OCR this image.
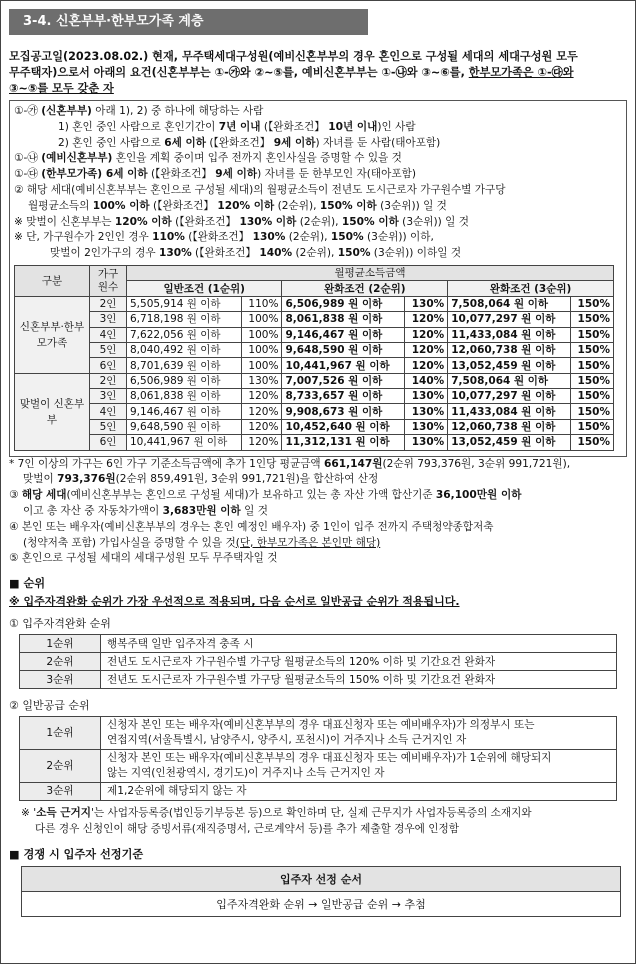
3-4. 신혼부부·한부모가족 계층
모집공고일(2023.08.02.) 현재, 무주택세대구성원(예비신혼부부의 경우 혼인으로 구성될 세대의 세대구성원 모두
무주택자)으로서 아래의 요건(신혼부부는 ①-㉮와 ②~⑤를, 예비신혼부부는 ①-㉯와 ③~⑥를, 한부모가족은 ①-㉰와
③~⑤를 모두 갖춘 자
①-㉮ (신혼부부) 아래 1), 2) 중 하나에 해당하는 사람
1) 혼인 중인 사람으로 혼인기간이 7년 이내 (【완화조건】 10년 이내)인 사람
2) 혼인 중인 사람으로 6세 이하 (【완화조건】 9세 이하) 자녀를 둔 사람(태아포함)
①-㉯ (예비신혼부부) 혼인을 계획 중이며 입주 전까지 혼인사실을 증명할 수 있을 것
①-㉰ (한부모가족) 6세 이하 (【완화조건】 9세 이하) 자녀를 둔 한부모인 자(태아포함)
② 해당 세대(예비신혼부부는 혼인으로 구성될 세대)의 월평균소득이 전년도 도시근로자 가구원수별 가구당
월평균소득의 100% 이하 (【완화조건】 120% 이하 (2순위), 150% 이하 (3순위)) 일 것
※ 맞벌이 신혼부부는 120% 이하 (【완화조건】 130% 이하 (2순위), 150% 이하 (3순위)) 일 것
※ 단, 가구원수가 2인인 경우 110% (【완화조건】 130% (2순위), 150% (3순위)) 이하,
맞벌이 2인가구의 경우 130% (【완화조건】 140% (2순위), 150% (3순위)) 이하일 것
구분	가구원수	월평균소득금액					
		일반조건 (1순위)		완화조건 (2순위)		완화조건 (3순위)	
신혼부부·한부모가족	2인	5,505,914 원 이하	110%	6,506,989 원 이하	130%	7,508,064 원 이하	150%
	3인	6,718,198 원 이하	100%	8,061,838 원 이하	120%	10,077,297 원 이하	150%
	4인	7,622,056 원 이하	100%	9,146,467 원 이하	120%	11,433,084 원 이하	150%
	5인	8,040,492 원 이하	100%	9,648,590 원 이하	120%	12,060,738 원 이하	150%
	6인	8,701,639 원 이하	100%	10,441,967 원 이하	120%	13,052,459 원 이하	150%
맞벌이 신혼부부	2인	6,506,989 원 이하	130%	7,007,526 원 이하	140%	7,508,064 원 이하	150%
	3인	8,061,838 원 이하	120%	8,733,657 원 이하	130%	10,077,297 원 이하	150%
	4인	9,146,467 원 이하	120%	9,908,673 원 이하	130%	11,433,084 원 이하	150%
	5인	9,648,590 원 이하	120%	10,452,640 원 이하	130%	12,060,738 원 이하	150%
	6인	10,441,967 원 이하	120%	11,312,131 원 이하	130%	13,052,459 원 이하	150%
* 7인 이상의 가구는 6인 가구 기준소득금액에 추가 1인당 평균금액 661,147원(2순위 793,376원, 3순위 991,721원),
맞벌이 793,376원(2순위 859,491원, 3순위 991,721원)을 합산하여 산정
③ 해당 세대(예비신혼부부는 혼인으로 구성될 세대)가 보유하고 있는 총 자산 가액 합산기준 36,100만원 이하
이고 총 자산 중 자동차가액이 3,683만원 이하 일 것
④ 본인 또는 배우자(예비신혼부부의 경우는 혼인 예정인 배우자) 중 1인이 입주 전까지 주택청약종합저축
(청약저축 포함) 가입사실을 증명할 수 있을 것(단, 한부모가족은 본인만 해당)
⑤ 혼인으로 구성될 세대의 세대구성원 모두 무주택자일 것
■ 순위
※ 입주자격완화 순위가 가장 우선적으로 적용되며, 다음 순서로 일반공급 순위가 적용됩니다.
① 입주자격완화 순위
1순위	행복주택 일반 입주자격 충족 시
2순위	전년도 도시근로자 가구원수별 가구당 월평균소득의 120% 이하 및 기간요건 완화자
3순위	전년도 도시근로자 가구원수별 가구당 월평균소득의 150% 이하 및 기간요건 완화자
② 일반공급 순위
1순위	신청자 본인 또는 배우자(예비신혼부부의 경우 대표신청자 또는 예비배우자)가 의정부시 또는
연접지역(서울특별시, 남양주시, 양주시, 포천시)이 거주지나 소득 근거지인 자

2순위	신청자 본인 또는 배우자(예비신혼부부의 경우 대표신청자 또는 예비배우자)가 1순위에 해당되지
않는 지역(인천광역시, 경기도)이 거주지나 소득 근거지인 자

3순위	제1,2순위에 해당되지 않는 자
※ '소득 근거지'는 사업자등록증(법인등기부등본 등)으로 확인하며 단, 실제 근무지가 사업자등록증의 소재지와
다른 경우 신청인이 해당 증빙서류(재직증명서, 근로계약서 등)를 추가 제출할 경우에 인정함
■ 경쟁 시 입주자 선정기준
입주자 선정 순서
입주자격완화 순위 → 일반공급 순위 → 추첨
